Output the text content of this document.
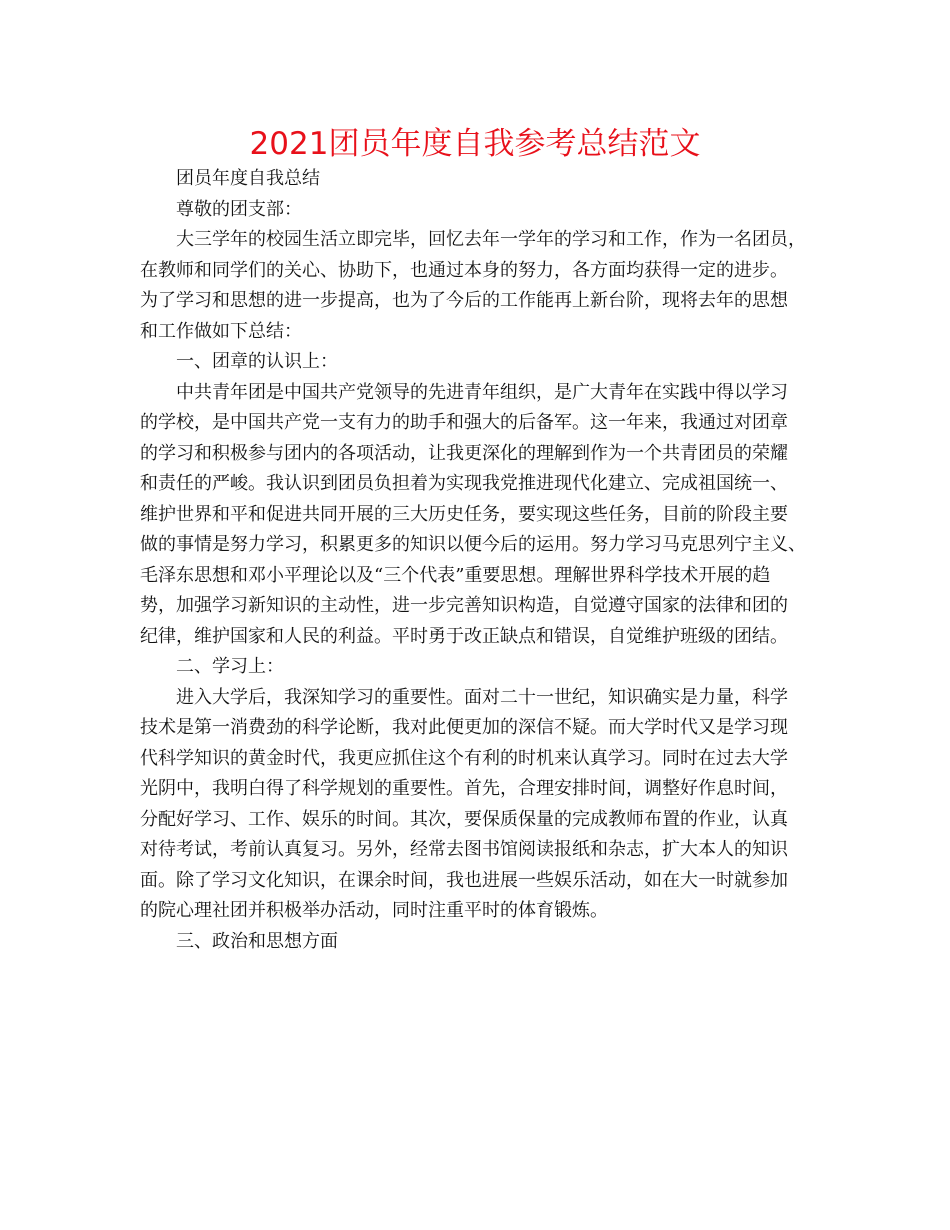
2021团员年度自我参考总结范文
团员年度自我总结
尊敬的团支部：
大三学年的校园生活立即完毕，回忆去年一学年的学习和工作，作为一名团员，
在教师和同学们的关心、协助下，也通过本身的努力，各方面均获得一定的进步。
为了学习和思想的进一步提高，也为了今后的工作能再上新台阶，现将去年的思想
和工作做如下总结：
一、团章的认识上：
中共青年团是中国共产党领导的先进青年组织，是广大青年在实践中得以学习
的学校，是中国共产党一支有力的助手和强大的后备军。这一年来，我通过对团章
的学习和积极参与团内的各项活动，让我更深化的理解到作为一个共青团员的荣耀
和责任的严峻。我认识到团员负担着为实现我党推进现代化建立、完成祖国统一、
维护世界和平和促进共同开展的三大历史任务，要实现这些任务，目前的阶段主要
做的事情是努力学习，积累更多的知识以便今后的运用。努力学习马克思列宁主义、
毛泽东思想和邓小平理论以及“三个代表”重要思想。理解世界科学技术开展的趋
势，加强学习新知识的主动性，进一步完善知识构造，自觉遵守国家的法律和团的
纪律，维护国家和人民的利益。平时勇于改正缺点和错误，自觉维护班级的团结。
二、学习上：
进入大学后，我深知学习的重要性。面对二十一世纪，知识确实是力量，科学
技术是第一消费劲的科学论断，我对此便更加的深信不疑。而大学时代又是学习现
代科学知识的黄金时代，我更应抓住这个有利的时机来认真学习。同时在过去大学
光阴中，我明白得了科学规划的重要性。首先，合理安排时间，调整好作息时间，
分配好学习、工作、娱乐的时间。其次，要保质保量的完成教师布置的作业，认真
对待考试，考前认真复习。另外，经常去图书馆阅读报纸和杂志，扩大本人的知识
面。除了学习文化知识，在课余时间，我也进展一些娱乐活动，如在大一时就参加
的院心理社团并积极举办活动，同时注重平时的体育锻炼。
三、政治和思想方面
